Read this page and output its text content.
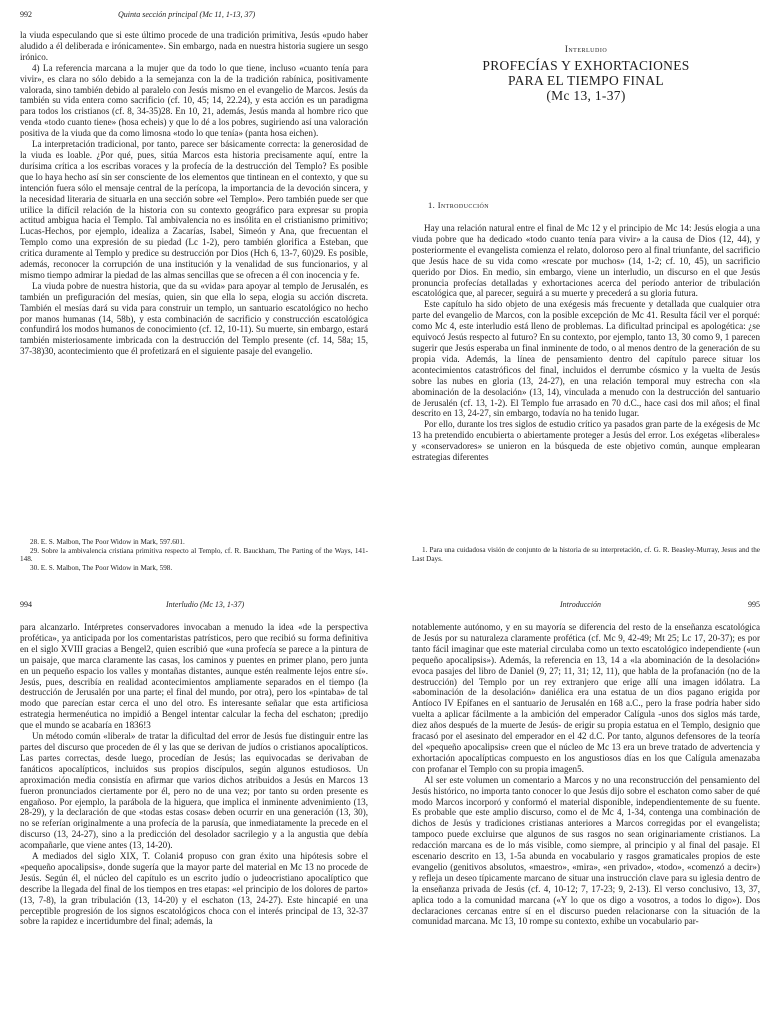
992	Quinta sección principal (Mc 11, 1-13, 37)

la viuda especulando que si este último procede de una tradición primitiva, Jesús «pudo haber aludido a él deliberada e irónicamente». Sin embargo, nada en nuestra historia sugiere un sesgo irónico.

4) La referencia marcana a la mujer que da todo lo que tiene, incluso «cuanto tenía para vivir», es clara no sólo debido a la semejanza con la de la tradición rabínica, positivamente valorada, sino también debido al paralelo con Jesús mismo en el evangelio de Marcos. Jesús da también su vida entera como sacrificio (cf. 10, 45; 14, 22.24), y esta acción es un paradigma para todos los cristianos (cf. 8, 34-35)28. En 10, 21, además, Jesús manda al hombre rico que venda «todo cuanto tiene» (hosa echeis) y que lo dé a los pobres, sugiriendo así una valoración positiva de la viuda que da como limosna «todo lo que tenía» (panta hosa eichen).

La interpretación tradicional, por tanto, parece ser básicamente correcta: la generosidad de la viuda es loable. ¿Por qué, pues, sitúa Marcos esta historia precisamente aquí, entre la durísima crítica a los escribas voraces y la profecía de la destrucción del Templo? Es posible que lo haya hecho así sin ser consciente de los elementos que tintinean en el contexto, y que su intención fuera sólo el mensaje central de la perícopa, la importancia de la devoción sincera, y la necesidad literaria de situarla en una sección sobre «el Templo». Pero también puede ser que utilice la difícil relación de la historia con su contexto geográfico para expresar su propia actitud ambigua hacia el Templo. Tal ambivalencia no es insólita en el cristianismo primitivo; Lucas-Hechos, por ejemplo, idealiza a Zacarías, Isabel, Simeón y Ana, que frecuentan el Templo como una expresión de su piedad (Lc 1-2), pero también glorifica a Esteban, que critica duramente al Templo y predice su destrucción por Dios (Hch 6, 13-7, 60)29. Es posible, además, reconocer la corrupción de una institución y la venalidad de sus funcionarios, y al mismo tiempo admirar la piedad de las almas sencillas que se ofrecen a él con inocencia y fe.

La viuda pobre de nuestra historia, que da su «vida» para apoyar al templo de Jerusalén, es también un prefiguración del mesías, quien, sin que ella lo sepa, elogia su acción discreta. También el mesías dará su vida para construir un templo, un santuario escatológico no hecho por manos humanas (14, 58b), y esta combinación de sacrificio y construcción escatológica confundirá los modos humanos de conocimiento (cf. 12, 10-11). Su muerte, sin embargo, estará también misteriosamente imbricada con la destrucción del Templo presente (cf. 14, 58a; 15, 37-38)30, acontecimiento que él profetizará en el siguiente pasaje del evangelio.

28. E. S. Malbon, The Poor Widow in Mark, 597.601.

29. Sobre la ambivalencia cristiana primitiva respecto al Templo, cf. R. Bauckham, The Parting of the Ways, 141-148.

30. E. S. Malbon, The Poor Widow in Mark, 598.

Interludio
PROFECÍAS Y EXHORTACIONES
PARA EL TIEMPO FINAL
(Mc 13, 1-37)
1. Introducción

Hay una relación natural entre el final de Mc 12 y el principio de Mc 14: Jesús elogia a una viuda pobre que ha dedicado «todo cuanto tenía para vivir» a la causa de Dios (12, 44), y posteriormente el evangelista comienza el relato, doloroso pero al final triunfante, del sacrificio que Jesús hace de su vida como «rescate por muchos» (14, 1-2; cf. 10, 45), un sacrificio querido por Dios. En medio, sin embargo, viene un interludio, un discurso en el que Jesús pronuncia profecías detalladas y exhortaciones acerca del período anterior de tribulación escatológica que, al parecer, seguirá a su muerte y precederá a su gloria futura.

Este capítulo ha sido objeto de una exégesis más frecuente y detallada que cualquier otra parte del evangelio de Marcos, con la posible excepción de Mc 41. Resulta fácil ver el porqué: como Mc 4, este interludio está lleno de problemas. La dificultad principal es apologética: ¿se equivocó Jesús respecto al futuro? En su contexto, por ejemplo, tanto 13, 30 como 9, 1 parecen sugerir que Jesús esperaba un final inminente de todo, o al menos dentro de la generación de su propia vida. Además, la línea de pensamiento dentro del capítulo parece situar los acontecimientos catastróficos del final, incluidos el derrumbe cósmico y la vuelta de Jesús sobre las nubes en gloria (13, 24-27), en una relación temporal muy estrecha con «la abominación de la desolación» (13, 14), vinculada a menudo con la destrucción del santuario de Jerusalén (cf. 13, 1-2). El Templo fue arrasado en 70 d.C., hace casi dos mil años; el final descrito en 13, 24-27, sin embargo, todavía no ha tenido lugar.

Por ello, durante los tres siglos de estudio crítico ya pasados gran parte de la exégesis de Mc 13 ha pretendido encubierta o abiertamente proteger a Jesús del error. Los exégetas «liberales» y «conservadores» se unieron en la búsqueda de este objetivo común, aunque emplearan estrategias diferentes

1. Para una cuidadosa visión de conjunto de la historia de su interpretación, cf. G. R. Beasley-Murray, Jesus and the Last Days.

994	Interludio (Mc 13, 1-37)

para alcanzarlo. Intérpretes conservadores invocaban a menudo la idea «de la perspectiva profética», ya anticipada por los comentaristas patrísticos, pero que recibió su forma definitiva en el siglo XVIII gracias a Bengel2, quien escribió que «una profecía se parece a la pintura de un paisaje, que marca claramente las casas, los caminos y puentes en primer plano, pero junta en un pequeño espacio los valles y montañas distantes, aunque estén realmente lejos entre sí». Jesús, pues, describía en realidad acontecimientos ampliamente separados en el tiempo (la destrucción de Jerusalén por una parte; el final del mundo, por otra), pero los «pintaba» de tal modo que parecían estar cerca el uno del otro. Es interesante señalar que esta artificiosa estrategia hermenéutica no impidió a Bengel intentar calcular la fecha del eschaton; ¡predijo que el mundo se acabaría en 1836!3

Un método común «liberal» de tratar la dificultad del error de Jesús fue distinguir entre las partes del discurso que proceden de él y las que se derivan de judíos o cristianos apocalípticos. Las partes correctas, desde luego, procedían de Jesús; las equivocadas se derivaban de fanáticos apocalípticos, incluidos sus propios discípulos, según algunos estudiosos. Un aproximación media consistía en afirmar que varios dichos atribuidos a Jesús en Marcos 13 fueron pronunciados ciertamente por él, pero no de una vez; por tanto su orden presente es engañoso. Por ejemplo, la parábola de la higuera, que implica el inminente advenimiento (13, 28-29), y la declaración de que «todas estas cosas» deben ocurrir en una generación (13, 30), no se referían originalmente a una profecía de la parusía, que inmediatamente la precede en el discurso (13, 24-27), sino a la predicción del desolador sacrilegio y a la angustia que debía acompañarle, que viene antes (13, 14-20).

A mediados del siglo XIX, T. Colani4 propuso con gran éxito una hipótesis sobre el «pequeño apocalipsis», donde sugería que la mayor parte del material en Mc 13 no procede de Jesús. Según él, el núcleo del capítulo es un escrito judío o judeocristiano apocalíptico que describe la llegada del final de los tiempos en tres etapas: «el principio de los dolores de parto» (13, 7-8), la gran tribulación (13, 14-20) y el eschaton (13, 24-27). Este hincapié en una perceptible progresión de los signos escatológicos choca con el interés principal de 13, 32-37 sobre la rapidez e incertidumbre del final; además, la

Introducción	995

notablemente autónomo, y en su mayoría se diferencia del resto de la enseñanza escatológica de Jesús por su naturaleza claramente profética (cf. Mc 9, 42-49; Mt 25; Lc 17, 20-37); es por tanto fácil imaginar que este material circulaba como un texto escatológico independiente («un pequeño apocalipsis»). Además, la referencia en 13, 14 a «la abominación de la desolación» evoca pasajes del libro de Daniel (9, 27; 11, 31; 12, 11), que habla de la profanación (no de la destrucción) del Templo por un rey extranjero que erige allí una imagen idólatra. La «abominación de la desolación» daniélica era una estatua de un dios pagano erigida por Antíoco IV Epífanes en el santuario de Jerusalén en 168 a.C., pero la frase podría haber sido vuelta a aplicar fácilmente a la ambición del emperador Calígula -unos dos siglos más tarde, diez años después de la muerte de Jesús- de erigir su propia estatua en el Templo, designio que fracasó por el asesinato del emperador en el 42 d.C. Por tanto, algunos defensores de la teoría del «pequeño apocalipsis» creen que el núcleo de Mc 13 era un breve tratado de advertencia y exhortación apocalípticas compuesto en los angustiosos días en los que Calígula amenazaba con profanar el Templo con su propia imagen5.

Al ser este volumen un comentario a Marcos y no una reconstrucción del pensamiento del Jesús histórico, no importa tanto conocer lo que Jesús dijo sobre el eschaton como saber de qué modo Marcos incorporó y conformó el material disponible, independientemente de su fuente. Es probable que este amplio discurso, como el de Mc 4, 1-34, contenga una combinación de dichos de Jesús y tradiciones cristianas anteriores a Marcos corregidas por el evangelista; tampoco puede excluirse que algunos de sus rasgos no sean originariamente cristianos. La redacción marcana es de lo más visible, como siempre, al principio y al final del pasaje. El escenario descrito en 13, 1-5a abunda en vocabulario y rasgos gramaticales propios de este evangelio (genitivos absolutos, «maestro», «mira», «en privado», «todo», «comenzó a decir») y refleja un deseo típicamente marcano de situar una instrucción clave para su iglesia dentro de la enseñanza privada de Jesús (cf. 4, 10-12; 7, 17-23; 9, 2-13). El verso conclusivo, 13, 37, aplica todo a la comunidad marcana («Y lo que os digo a vosotros, a todos lo digo»). Dos declaraciones cercanas entre sí en el discurso pueden relacionarse con la situación de la comunidad marcana. Mc 13, 10 rompe su contexto, exhibe un vocabulario par-
